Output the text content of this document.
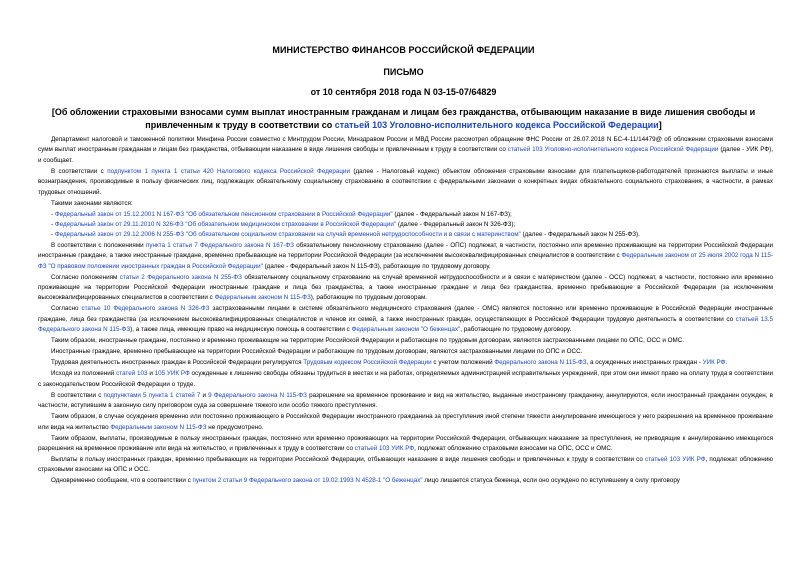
МИНИСТЕРСТВО ФИНАНСОВ РОССИЙСКОЙ ФЕДЕРАЦИИ
ПИСЬМО
от 10 сентября 2018 года N 03-15-07/64829
[Об обложении страховыми взносами сумм выплат иностранным гражданам и лицам без гражданства, отбывающим наказание в виде лишения свободы и привлеченным к труду в соответствии со статьей 103 Уголовно-исполнительного кодекса Российской Федерации]

Департамент налоговой и таможенной политики Минфина России совместно с Минтрудом России, Минздравом России и МВД России рассмотрел обращение ФНС России от 26.07.2018 N БС-4-11/14479@ об обложении страховыми взносами сумм выплат иностранным гражданам и лицам без гражданства, отбывающим наказание в виде лишения свободы и привлеченным к труду в соответствии со статьей 103 Уголовно-исполнительного кодекса Российской Федерации (далее - УИК РФ), и сообщает.

В соответствии с подпунктом 1 пункта 1 статьи 420 Налогового кодекса Российской Федерации (далее - Налоговый кодекс) объектом обложения страховыми взносами для плательщиков-работодателей признаются выплаты и иные вознаграждения, производимые в пользу физических лиц, подлежащих обязательному социальному страхованию в соответствии с федеральными законами о конкретных видах обязательного социального страхования, в частности, в рамках трудовых отношений.

Такими законами являются:

- Федеральный закон от 15.12.2001 N 167-ФЗ "Об обязательном пенсионном страховании в Российской Федерации" (далее - Федеральный закон N 167-ФЗ);

- Федеральный закон от 29.11.2010 N 326-ФЗ "Об обязательном медицинском страховании в Российской Федерации" (далее - Федеральный закон N 326-ФЗ);

- Федеральный закон от 29.12.2006 N 255-ФЗ "Об обязательном социальном страховании на случай временной нетрудоспособности и в связи с материнством" (далее - Федеральный закон N 255-ФЗ).

В соответствии с положениями пункта 1 статьи 7 Федерального закона N 167-ФЗ обязательному пенсионному страхованию (далее - ОПС) подлежат, в частности, постоянно или временно проживающие на территории Российской Федерации иностранные граждане, а также иностранные граждане, временно пребывающие на территории Российской Федерации (за исключением высококвалифицированных специалистов в соответствии с Федеральным законом от 25 июля 2002 года N 115-ФЗ "О правовом положении иностранных граждан в Российской Федерации" (далее - Федеральный закон N 115-ФЗ), работающие по трудовому договору.

Согласно положениям статьи 2 Федерального закона N 255-ФЗ обязательному социальному страхованию на случай временной нетрудоспособности и в связи с материнством (далее - ОСС) подлежат, в частности, постоянно или временно проживающие на территории Российской Федерации иностранные граждане и лица без гражданства, а также иностранные граждане и лица без гражданства, временно пребывающие в Российской Федерации (за исключением высококвалифицированных специалистов в соответствии с Федеральным законом N 115-ФЗ), работающие по трудовым договорам.

Согласно статье 10 Федерального закона N 326-ФЗ застрахованными лицами в системе обязательного медицинского страхования (далее - ОМС) являются постоянно или временно проживающие в Российской Федерации иностранные граждане, лица без гражданства (за исключением высококвалифицированных специалистов и членов их семей, а также иностранных граждан, осуществляющих в Российской Федерации трудовую деятельность в соответствии со статьей 13.5 Федерального закона N 115-ФЗ), а также лица, имеющие право на медицинскую помощь в соответствии с Федеральным законом "О беженцах", работающие по трудовому договору.

Таким образом, иностранные граждане, постоянно и временно проживающие на территории Российской Федерации и работающие по трудовым договорам, являются застрахованными лицами по ОПС, ОСС и ОМС.

Иностранные граждане, временно пребывающие на территории Российской Федерации и работающие по трудовым договорам, являются застрахованными лицами по ОПС и ОСС.

Трудовая деятельность иностранных граждан в Российской Федерации регулируется Трудовым кодексом Российской Федерации с учетом положений Федерального закона N 115-ФЗ, а осужденных иностранных граждан - УИК РФ.

Исходя из положений статей 103 и 105 УИК РФ осужденные к лишению свободы обязаны трудиться в местах и на работах, определяемых администрацией исправительных учреждений, при этом они имеют право на оплату труда в соответствии с законодательством Российской Федерации о труде.

В соответствии с подпунктами 5 пункта 1 статей 7 и 9 Федерального закона N 115-ФЗ разрешение на временное проживание и вид на жительство, выданные иностранному гражданину, аннулируются, если иностранный гражданин осужден, в частности, вступившим в законную силу приговором суда за совершение тяжкого или особо тяжкого преступления.

Таким образом, в случае осуждения временно или постоянно проживающего в Российской Федерации иностранного гражданина за преступления иной степени тяжести аннулирование имеющегося у него разрешения на временное проживание или вида на жительство Федеральным законом N 115-ФЗ не предусмотрено.

Таким образом, выплаты, производимые в пользу иностранных граждан, постоянно или временно проживающих на территории Российской Федерации, отбывающих наказание за преступления, не приводящие к аннулированию имеющегося разрешения на временное проживание или вида на жительство, и привлеченных к труду в соответствии со статьей 103 УИК РФ, подлежат обложению страховыми взносами на ОПС, ОСС и ОМС.

Выплаты в пользу иностранных граждан, временно пребывающих на территории Российской Федерации, отбывающих наказание в виде лишения свободы и привлеченных к труду в соответствии со статьей 103 УИК РФ, подлежат обложению страховыми взносами на ОПС и ОСС.

Одновременно сообщаем, что в соответствии с пунктом 2 статьи 9 Федерального закона от 19.02.1993 N 4528-1 "О беженцах" лицо лишается статуса беженца, если оно осуждено по вступившему в силу приговору
